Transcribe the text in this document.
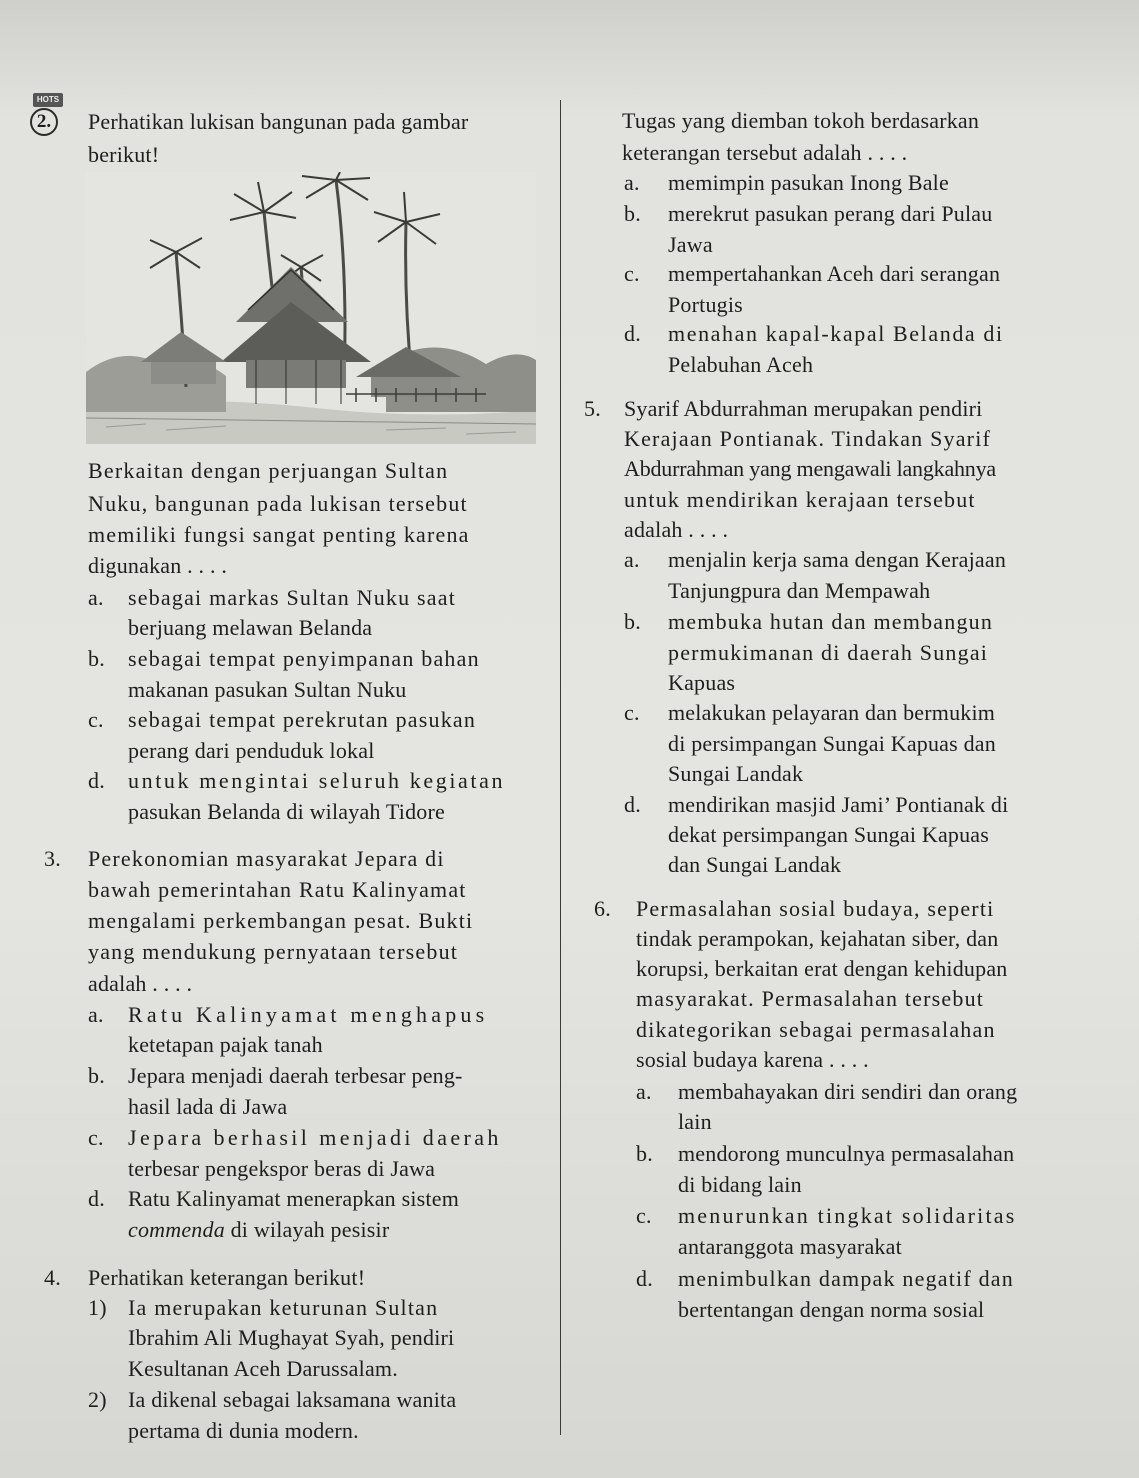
HOTS
2.	Perhatikan lukisan bangunan pada gambar
berikut!
Berkaitan dengan perjuangan Sultan
Nuku, bangunan pada lukisan tersebut
memiliki fungsi sangat penting karena
digunakan . . . .
a. sebagai markas Sultan Nuku saat
berjuang melawan Belanda
b. sebagai tempat penyimpanan bahan
makanan pasukan Sultan Nuku
c. sebagai tempat perekrutan pasukan
perang dari penduduk lokal
d. untuk mengintai seluruh kegiatan
pasukan Belanda di wilayah Tidore
3. Perekonomian masyarakat Jepara di
bawah pemerintahan Ratu Kalinyamat
mengalami perkembangan pesat. Bukti
yang mendukung pernyataan tersebut
adalah . . . .
a. Ratu Kalinyamat menghapus
ketetapan pajak tanah
b. Jepara menjadi daerah terbesar peng-
hasil lada di Jawa
c. Jepara berhasil menjadi daerah
terbesar pengekspor beras di Jawa
d. Ratu Kalinyamat menerapkan sistem
commenda di wilayah pesisir
4. Perhatikan keterangan berikut!
1) Ia merupakan keturunan Sultan
Ibrahim Ali Mughayat Syah, pendiri
Kesultanan Aceh Darussalam.
2) Ia dikenal sebagai laksamana wanita
pertama di dunia modern.
Tugas yang diemban tokoh berdasarkan
keterangan tersebut adalah . . . .
a. memimpin pasukan Inong Bale
b. merekrut pasukan perang dari Pulau
Jawa
c. mempertahankan Aceh dari serangan
Portugis
d. menahan kapal-kapal Belanda di
Pelabuhan Aceh
5. Syarif Abdurrahman merupakan pendiri
Kerajaan Pontianak. Tindakan Syarif
Abdurrahman yang mengawali langkahnya
untuk mendirikan kerajaan tersebut
adalah . . . .
a. menjalin kerja sama dengan Kerajaan
Tanjungpura dan Mempawah
b. membuka hutan dan membangun
permukimanan di daerah Sungai
Kapuas
c. melakukan pelayaran dan bermukim
di persimpangan Sungai Kapuas dan
Sungai Landak
d. mendirikan masjid Jami’ Pontianak di
dekat persimpangan Sungai Kapuas
dan Sungai Landak
6. Permasalahan sosial budaya, seperti
tindak perampokan, kejahatan siber, dan
korupsi, berkaitan erat dengan kehidupan
masyarakat. Permasalahan tersebut
dikategorikan sebagai permasalahan
sosial budaya karena . . . .
a. membahayakan diri sendiri dan orang
lain
b. mendorong munculnya permasalahan
di bidang lain
c. menurunkan tingkat solidaritas
antaranggota masyarakat
d. menimbulkan dampak negatif dan
bertentangan dengan norma sosial
